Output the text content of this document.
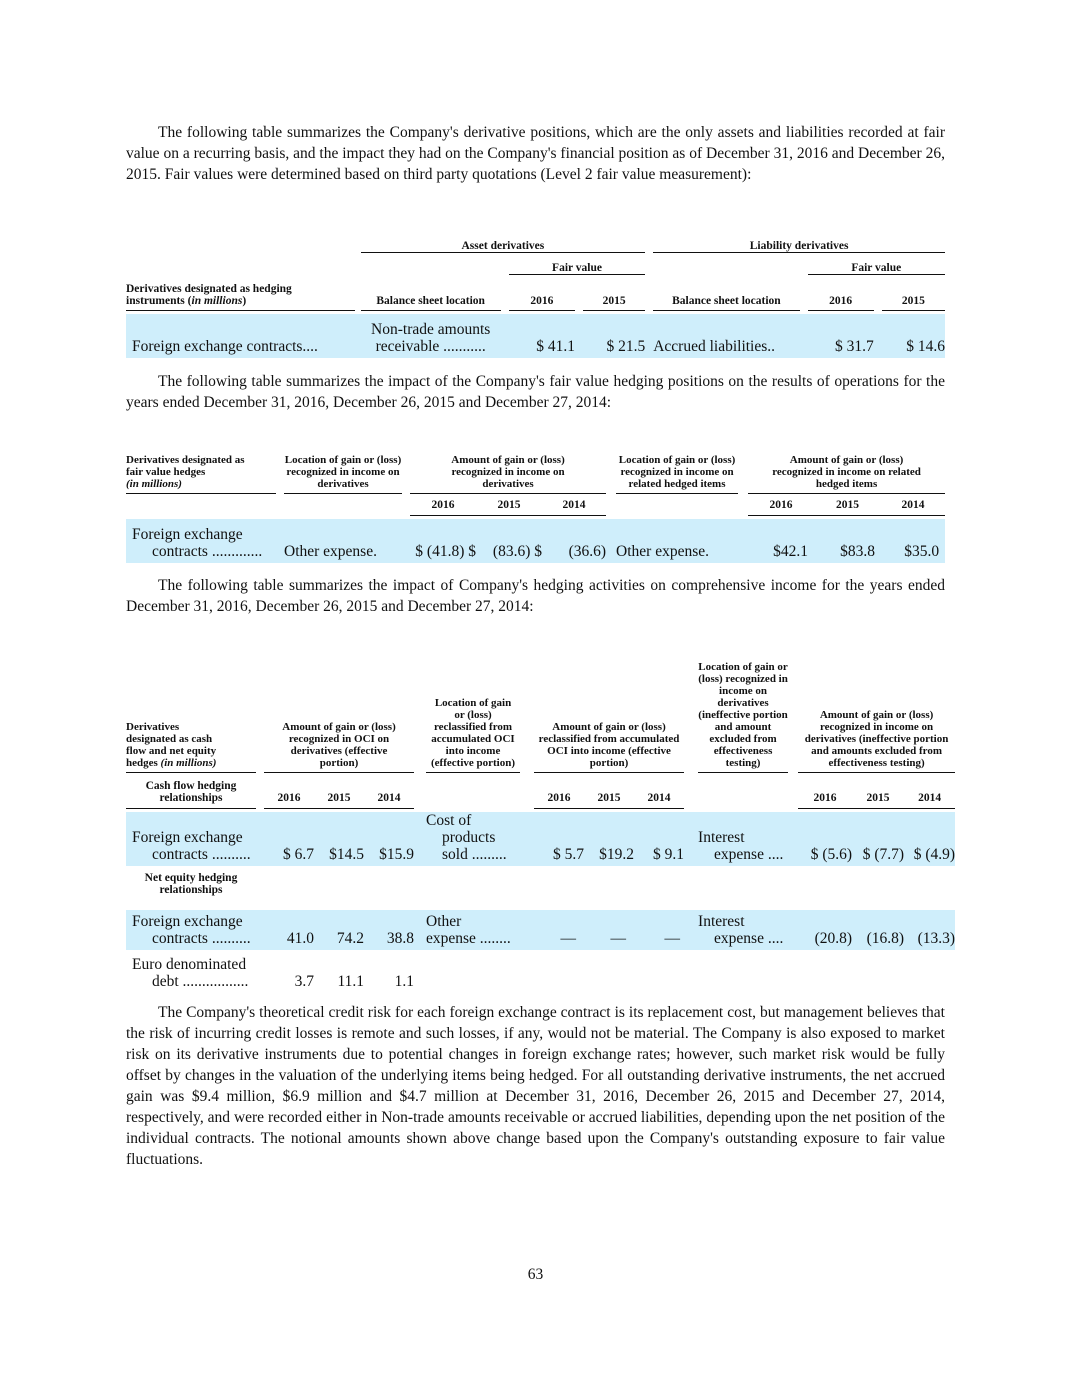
The following table summarizes the Company's derivative positions, which are the only assets and liabilities recorded at fair value on a recurring basis, and the impact they had on the Company's financial position as of December 31, 2016 and December 26, 2015. Fair values were determined based on third party quotations (Level 2 fair value measurement):

		Asset derivatives						Liability derivatives				
				Fair value						Fair value		
Derivatives designated as hedging
instruments (in millions)		Balance sheet location		2016		2015		Balance sheet location		2016		2015

Foreign exchange contracts....		Non-trade amounts
receivable ...........		$ 41.1		$ 21.5		Accrued liabilities..		$ 31.7		$ 14.6

The following table summarizes the impact of the Company's fair value hedging positions on the results of operations for the years ended December 31, 2016, December 26, 2015 and December 27, 2014:

Derivatives designated as
fair value hedges
(in millions)		Location of gain or (loss) recognized in income on derivatives		Amount of gain or (loss) recognized in income on derivatives				Location of gain or (loss) recognized in income on related hedged items		Amount of gain or (loss) recognized in income on related hedged items		
				2016	2015	2014				2016	2015	2014

Foreign exchange
contracts .............		Other expense.		$ (41.8) $	(83.6) $	(36.6)		Other expense.		$42.1	$83.8	$35.0

The following table summarizes the impact of Company's hedging activities on comprehensive income for the years ended December 31, 2016, December 26, 2015 and December 27, 2014:

Derivatives
designated as cash
flow and net equity
hedges (in millions)		Amount of gain or (loss) recognized in OCI on derivatives (effective portion)				Location of gain or (loss) reclassified from accumulated OCI into income (effective portion)		Amount of gain or (loss) reclassified from accumulated OCI into income (effective portion)				Location of gain or (loss) recognized in income on derivatives (ineffective portion and amount excluded from effectiveness testing)		Amount of gain or (loss) recognized in income on derivatives (ineffective portion and amounts excluded from effectiveness testing)		
Cash flow hedging relationships		2016	2015	2014				2016	2015	2014				2016	2015	2014

Foreign exchange
contracts ..........		$ 6.7	$14.5	$15.9		Cost of
products
sold .........		$ 5.7	$19.2	$ 9.1		Interest
expense ....		$ (5.6)	$ (7.7)	$ (4.9)
Net equity hedging relationships																

Foreign exchange
contracts ..........		41.0	74.2	38.8		Other
expense ........		—	—	—		Interest
expense ....		(20.8)	(16.8)	(13.3)

Euro denominated
debt .................		3.7	11.1	1.1												

The Company's theoretical credit risk for each foreign exchange contract is its replacement cost, but management believes that the risk of incurring credit losses is remote and such losses, if any, would not be material. The Company is also exposed to market risk on its derivative instruments due to potential changes in foreign exchange rates; however, such market risk would be fully offset by changes in the valuation of the underlying items being hedged. For all outstanding derivative instruments, the net accrued gain was $9.4 million, $6.9 million and $4.7 million at December 31, 2016, December 26, 2015 and December 27, 2014, respectively, and were recorded either in Non-trade amounts receivable or accrued liabilities, depending upon the net position of the individual contracts. The notional amounts shown above change based upon the Company's outstanding exposure to fair value fluctuations.

63
